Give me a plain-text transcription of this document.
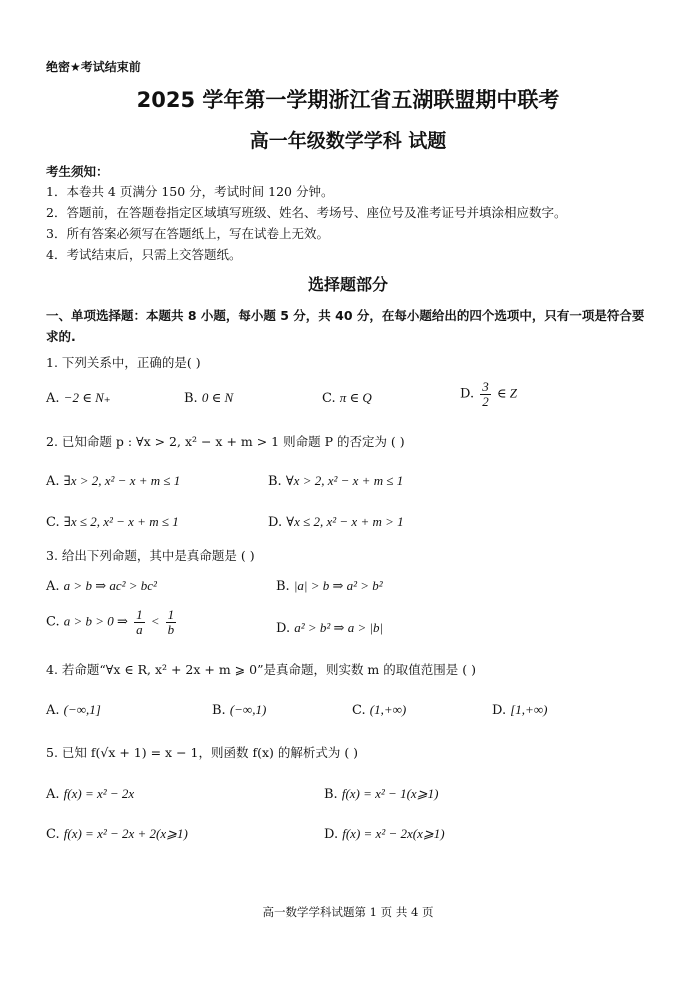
绝密★考试结束前
2025 学年第一学期浙江省五湖联盟期中联考
高一年级数学学科 试题
考生须知：
1．本卷共 4 页满分 150 分，考试时间 120 分钟。
2．答题前，在答题卷指定区域填写班级、姓名、考场号、座位号及准考证号并填涂相应数字。
3．所有答案必须写在答题纸上，写在试卷上无效。
4．考试结束后，只需上交答题纸。
选择题部分
一、单项选择题：本题共 8 小题，每小题 5 分，共 40 分，在每小题给出的四个选项中，只有一项是符合要求的.
1. 下列关系中，正确的是( )
A. −2 ∈ N₊	B. 0 ∈ N	C. π ∈ Q	D. $\frac{3}{2}$ ∈ Z
2. 已知命题 p : ∀x > 2, x² − x + m > 1 则命题 P 的否定为 ( )
A. ∃x > 2, x² − x + m ≤ 1	B. ∀x > 2, x² − x + m ≤ 1
C. ∃x ≤ 2, x² − x + m ≤ 1	D. ∀x ≤ 2, x² − x + m > 1
3. 给出下列命题，其中是真命题是 ( )
A. a > b ⇒ ac² > bc²	B. |a| > b ⇒ a² > b²
C. a > b > 0 ⇒ $\frac{1}{a} < \frac{1}{b}$	D. a² > b² ⇒ a > |b|
4. 若命题“∀x ∈ R, x² + 2x + m ⩾ 0”是真命题，则实数 m 的取值范围是 ( )
A. (−∞,1]	B. (−∞,1)	C. (1,+∞)	D. [1,+∞)
5. 已知 f(√x + 1) = x − 1，则函数 f(x) 的解析式为 ( )
A. f(x) = x² − 2x	B. f(x) = x² − 1(x⩾1)
C. f(x) = x² − 2x + 2(x⩾1)	D. f(x) = x² − 2x(x⩾1)
高一数学学科试题第 1 页 共 4 页
